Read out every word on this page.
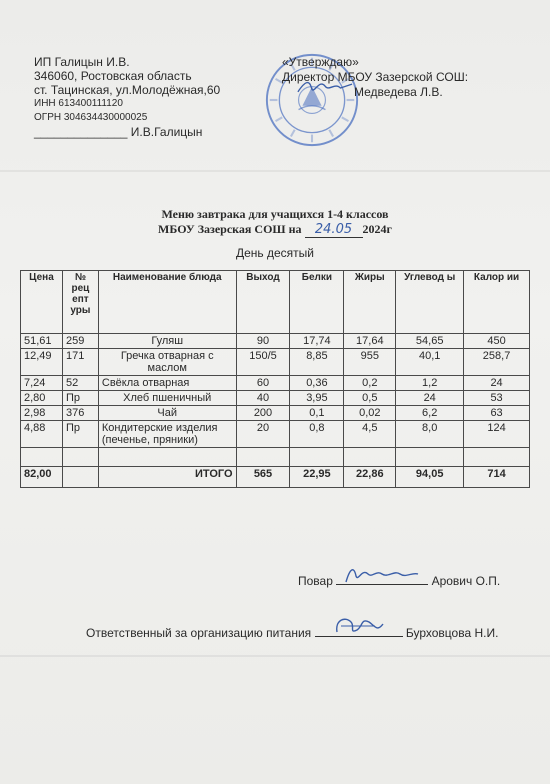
ИП Галицын И.В.
346060, Ростовская область
ст. Тацинская, ул.Молодёжная,60
ИНН 613400111120
ОГРН 304634430000025
______________ И.В.Галицын
«Утверждаю»
Директор МБОУ Зазерской СОШ:
Медведева Л.В.
Меню завтрака для учащихся 1-4 классов
МБОУ Зазерская СОШ на 24.05 2024г
День десятый
Цена	№ рец епт уры	Наименование блюда	Выход	Белки	Жиры	Углевод ы	Калор ии
51,61	259	Гуляш	90	17,74	17,64	54,65	450
12,49	171	Гречка отварная с маслом	150/5	8,85	955	40,1	258,7
7,24	52	Свёкла отварная	60	0,36	0,2	1,2	24
2,80	Пр	Хлеб пшеничный	40	3,95	0,5	24	53
2,98	376	Чай	200	0,1	0,02	6,2	63
4,88	Пр	Кондитерские изделия (печенье, пряники)	20	0,8	4,5	8,0	124

82,00		ИТОГО	565	22,95	22,86	94,05	714
Повар	Арович О.П.
Ответственный за организацию питания	Бурховцова Н.И.
